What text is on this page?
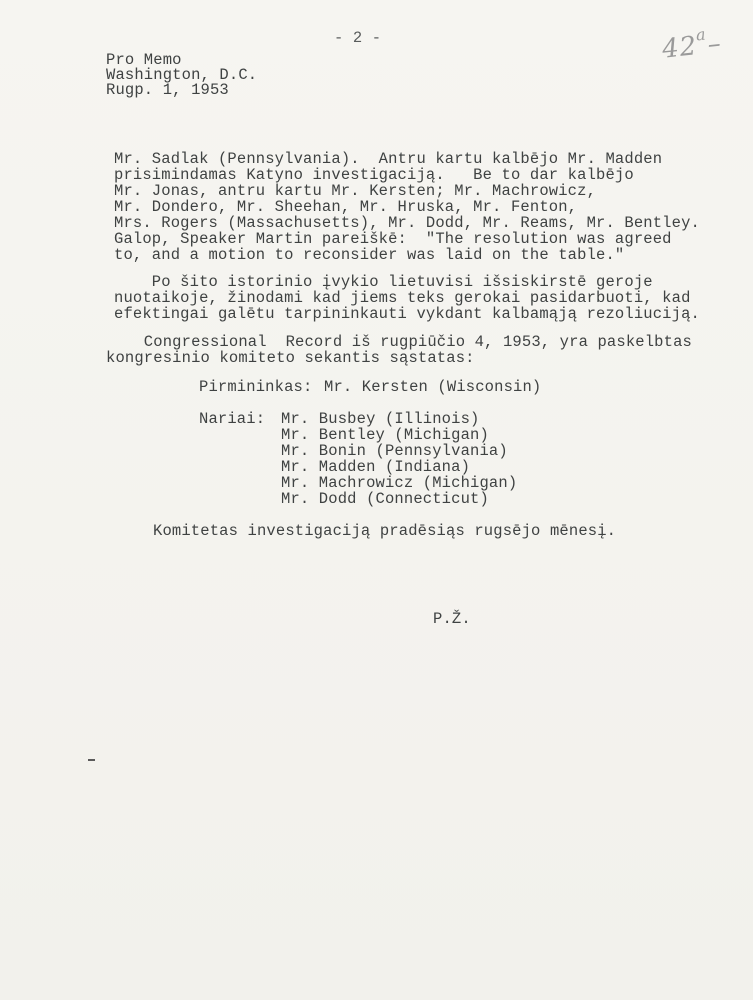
- 2 -	42$^a$–
Pro Memo
Washington, D.C.
Rugp. 1, 1953
Mr. Sadlak (Pennsylvania).  Antru kartu kalbējo Mr. Madden
prisimindamas Katyno investigaciją.   Be to dar kalbējo
Mr. Jonas, antru kartu Mr. Kersten; Mr. Machrowicz,
Mr. Dondero, Mr. Sheehan, Mr. Hruska, Mr. Fenton,
Mrs. Rogers (Massachusetts), Mr. Dodd, Mr. Reams, Mr. Bentley.
Galop, Speaker Martin pareiškē:  "The resolution was agreed
to, and a motion to reconsider was laid on the table."
Po šito istorinio įvykio lietuvisi išsiskirstē geroje
nuotaikoje, žinodami kad jiems teks gerokai pasidarbuoti, kad
efektingai galētu tarpininkauti vykdant kalbamąją rezoliuciją.
Congressional  Record iš rugpiūčio 4, 1953, yra paskelbtas
kongresinio komiteto sekantis sąstatas:
Pirmininkas: Mr. Kersten (Wisconsin)
Nariai: Mr. Busbey (Illinois)
Mr. Bentley (Michigan)
Mr. Bonin (Pennsylvania)
Mr. Madden (Indiana)
Mr. Machrowicz (Michigan)
Mr. Dodd (Connecticut)
Komitetas investigaciją pradēsiąs rugsējo mēnesį.
P.Ž.
